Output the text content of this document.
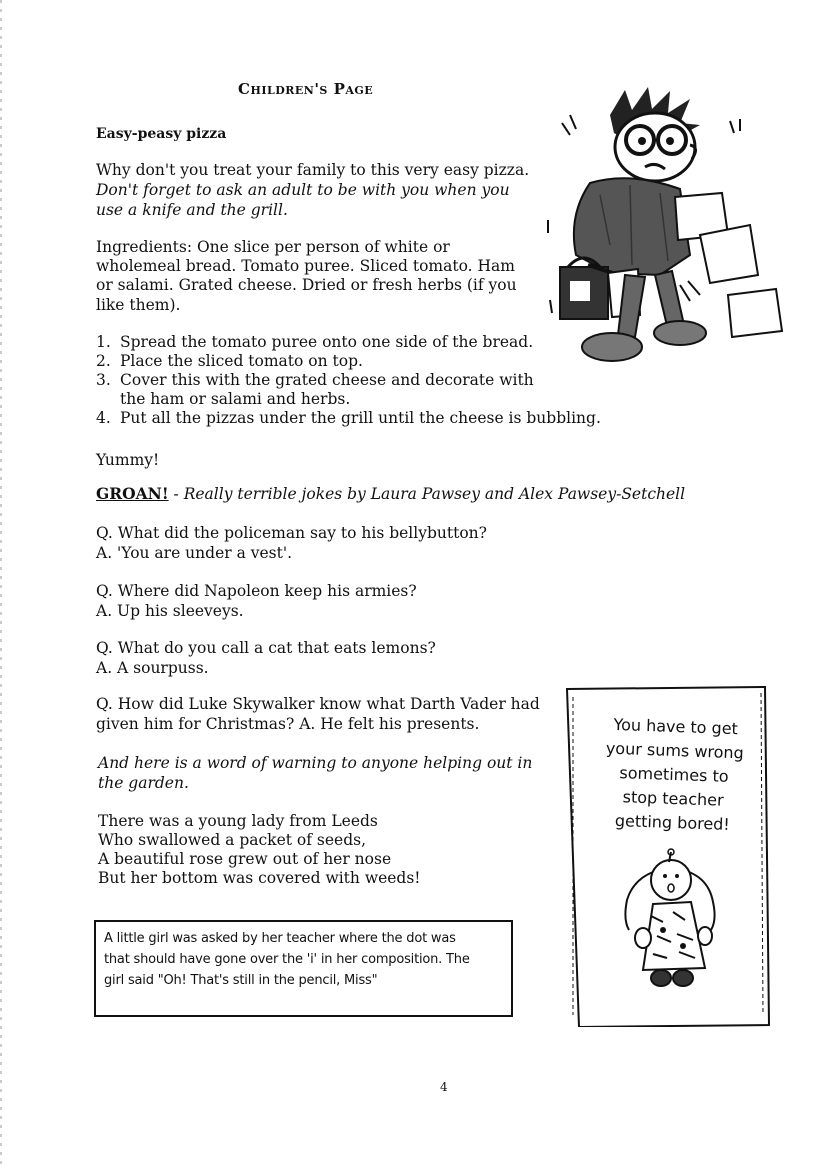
Children's Page
Easy-peasy pizza
Why don't you treat your family to this very easy pizza.
Don't forget to ask an adult to be with you when you
use a knife and the grill.
Ingredients: One slice per person of white or
wholemeal bread. Tomato puree. Sliced tomato. Ham
or salami. Grated cheese. Dried or fresh herbs (if you
like them).
1. Spread the tomato puree onto one side of the bread.
2. Place the sliced tomato on top.
3. Cover this with the grated cheese and decorate with
the ham or salami and herbs.
4. Put all the pizzas under the grill until the cheese is bubbling.
Yummy!
GROAN! - Really terrible jokes by Laura Pawsey and Alex Pawsey-Setchell
Q. What did the policeman say to his bellybutton?
A. 'You are under a vest'.
Q. Where did Napoleon keep his armies?
A. Up his sleeveys.
Q. What do you call a cat that eats lemons?
A. A sourpuss.
Q. How did Luke Skywalker know what Darth Vader had
given him for Christmas? A. He felt his presents.
And here is a word of warning to anyone helping out in
the garden.
There was a young lady from Leeds
Who swallowed a packet of seeds,
A beautiful rose grew out of her nose
But her bottom was covered with weeds!
A little girl was asked by her teacher where the dot was
that should have gone over the 'i' in her composition. The
girl said "Oh! That's still in the pencil, Miss"
You have to get
your sums wrong
sometimes to
stop teacher
getting bored!
4
